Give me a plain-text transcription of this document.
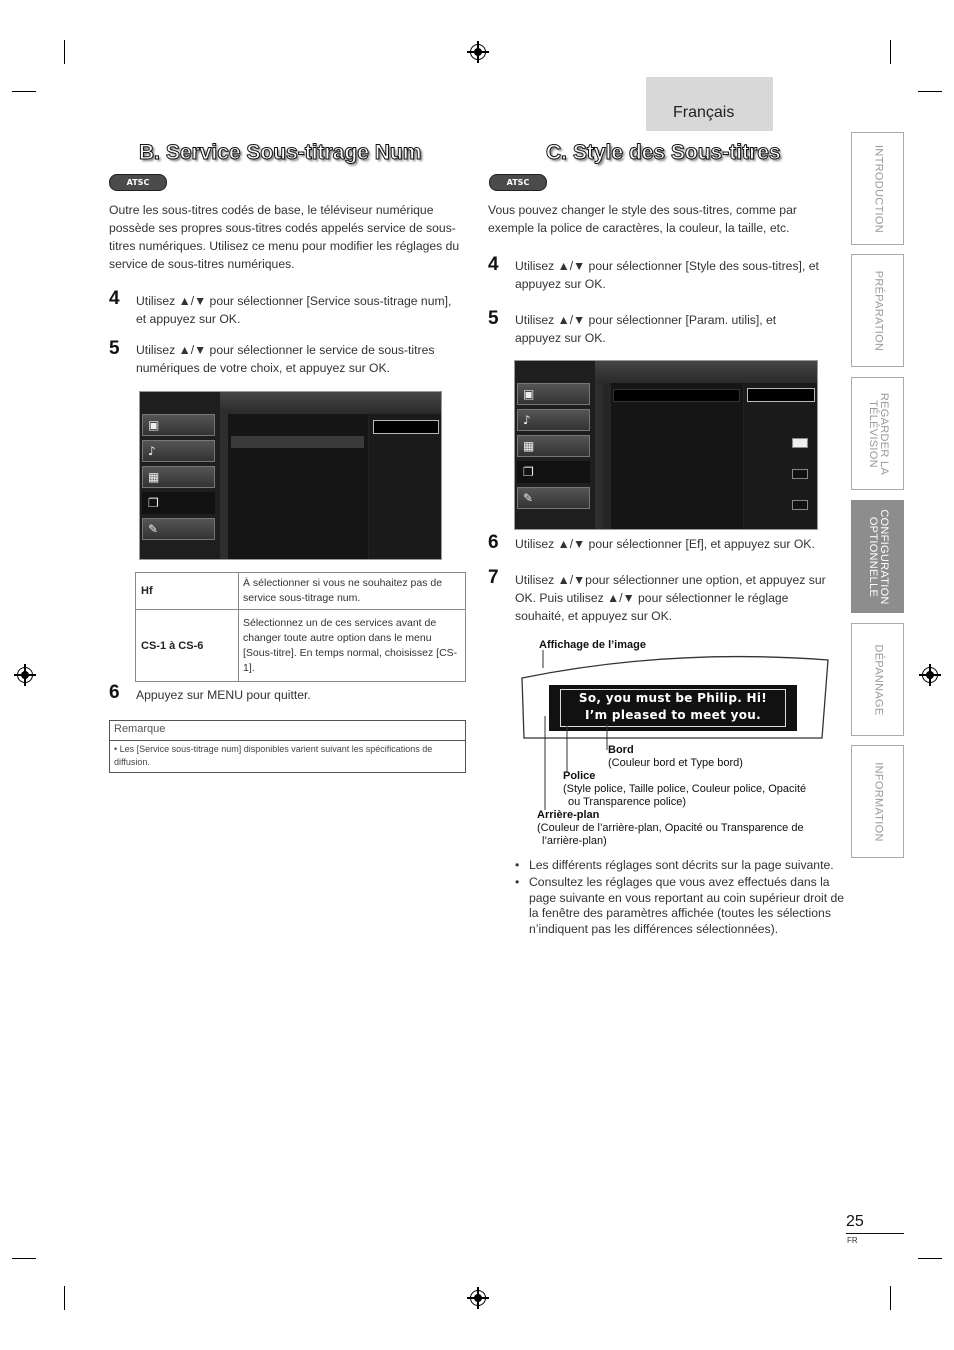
Français
B. Service Sous-titrage Num
ATSC
Outre les sous-titres codés de base, le téléviseur numérique possède ses propres sous-titres codés appelés service de sous-titres numériques. Utilisez ce menu pour modifier les réglages du service de sous-titres numériques.
4 Utilisez ▲/▼ pour sélectionner [Service sous-titrage num], et appuyez sur OK.
5 Utilisez ▲/▼ pour sélectionner le service de sous-titres numériques de votre choix, et appuyez sur OK.
▣
♪
▦
❐
✎
Hf	À sélectionner si vous ne souhaitez pas de service sous-titrage num.
CS-1 à CS-6	Sélectionnez un de ces services avant de changer toute autre option dans le menu [Sous-titre]. En temps normal, choisissez [CS-1].
6 Appuyez sur MENU pour quitter.
Remarque
• Les [Service sous-titrage num] disponibles varient suivant les spécifications de diffusion.
C. Style des Sous-titres
ATSC
Vous pouvez changer le style des sous-titres, comme par exemple la police de caractères, la couleur, la taille, etc.
4 Utilisez ▲/▼ pour sélectionner [Style des sous-titres], et appuyez sur OK.
5 Utilisez ▲/▼ pour sélectionner [Param. utilis], et appuyez sur OK.
▣
♪
▦
❐
✎
6 Utilisez ▲/▼ pour sélectionner [Ef], et appuyez sur OK.
7 Utilisez ▲/▼pour sélectionner une option, et appuyez sur OK. Puis utilisez ▲/▼ pour sélectionner le réglage souhaité, et appuyez sur OK.
Affichage de l’image
So, you must be Philip. Hi!
I’m pleased to meet you.
Bord
(Couleur bord et Type bord)
Police
(Style police, Taille police, Couleur police, Opacité
ou Transparence police)
Arrière-plan
(Couleur de l’arrière-plan, Opacité ou Transparence de
l’arrière-plan)
• Les différents réglages sont décrits sur la page suivante.
• Consultez les réglages que vous avez effectués dans la page suivante en vous reportant au coin supérieur droit de la fenêtre des paramètres affichée (toutes les sélections n’indiquent pas les différences sélectionnées).
INTRODUCTION
PRÉPARATION
REGARDER LA TÉLÉVISION
CONFIGURATION OPTIONNELLE
DÉPANNAGE
INFORMATION
25
FR
